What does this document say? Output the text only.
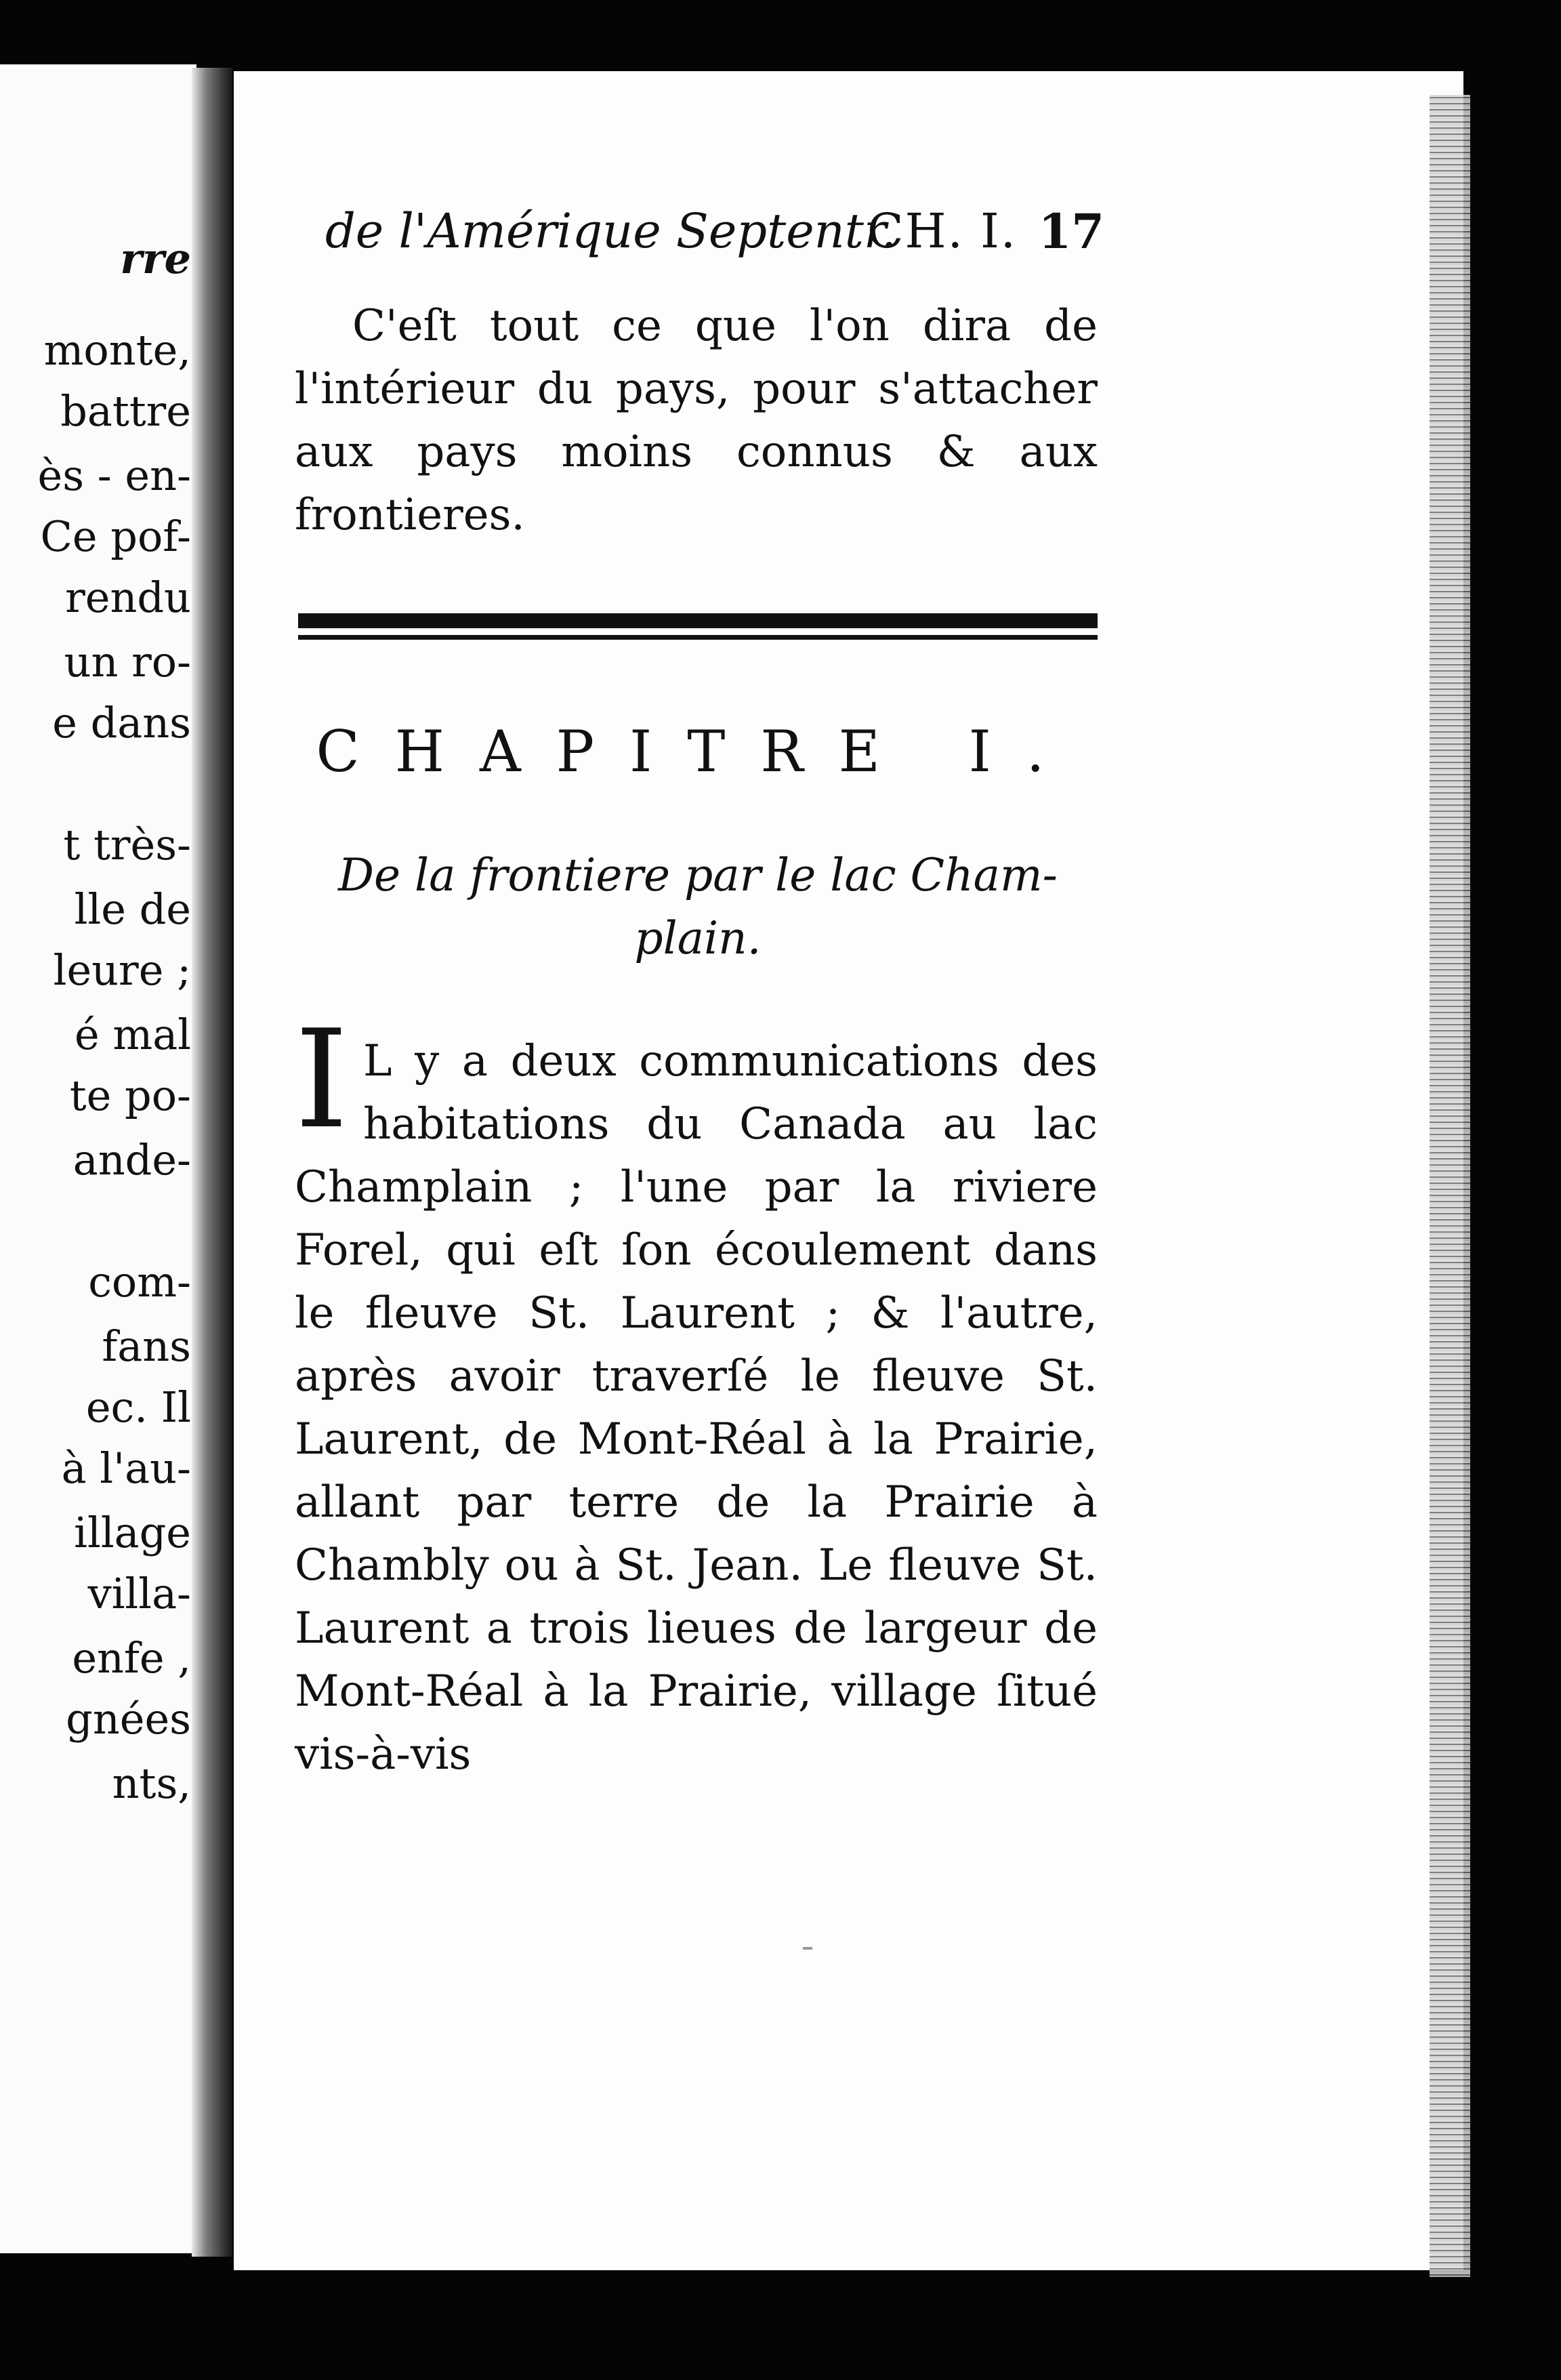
rre
monte,
battre
ès - en-
Ce pof-
rendu
un ro-
e dans
t très-
lle de
leure ;
é mal
te po-
ande-
com-
fans
ec. Il
à l'au-
illage
villa-
enfe ,
gnées
nts,
de l'Amérique Septentr.
CH. I. 17

C'eſt tout ce que l'on dira de l'intérieur du pays, pour s'attacher aux pays moins connus & aux frontieres.

CHAPITRE I.
De la frontiere par le lac Cham-plain.

I L y a deux communications des habitations du Canada au lac Champlain ; l'une par la riviere Forel, qui eſt ſon écoulement dans le fleuve St. Laurent ; & l'autre, après avoir traverſé le fleuve St. Laurent, de Mont-Réal à la Prairie, allant par terre de la Prairie à Chambly ou à St. Jean. Le fleuve St. Laurent a trois lieues de largeur de Mont-Réal à la Prairie, village ſitué vis-à-vis
